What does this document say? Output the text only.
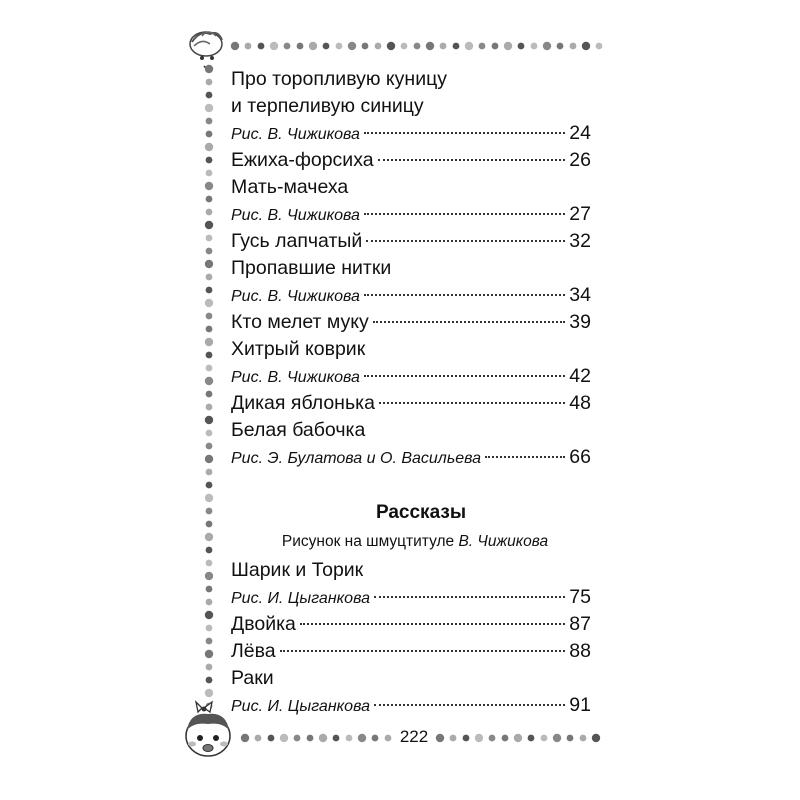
Про торопливую куницу
и терпеливую синицу
Рис. В. Чижикова	24
Ежиха-форсиха	26
Мать-мачеха
Рис. В. Чижикова	27
Гусь лапчатый	32
Пропавшие нитки
Рис. В. Чижикова	34
Кто мелет муку	39
Хитрый коврик
Рис. В. Чижикова	42
Дикая яблонька	48
Белая бабочка
Рис. Э. Булатова и О. Васильева	66
Рассказы
Рисунок на шмуцтитуле В. Чижикова
Шарик и Торик
Рис. И. Цыганкова	75
Двойка	87
Лёва	88
Раки
Рис. И. Цыганкова	91
222
